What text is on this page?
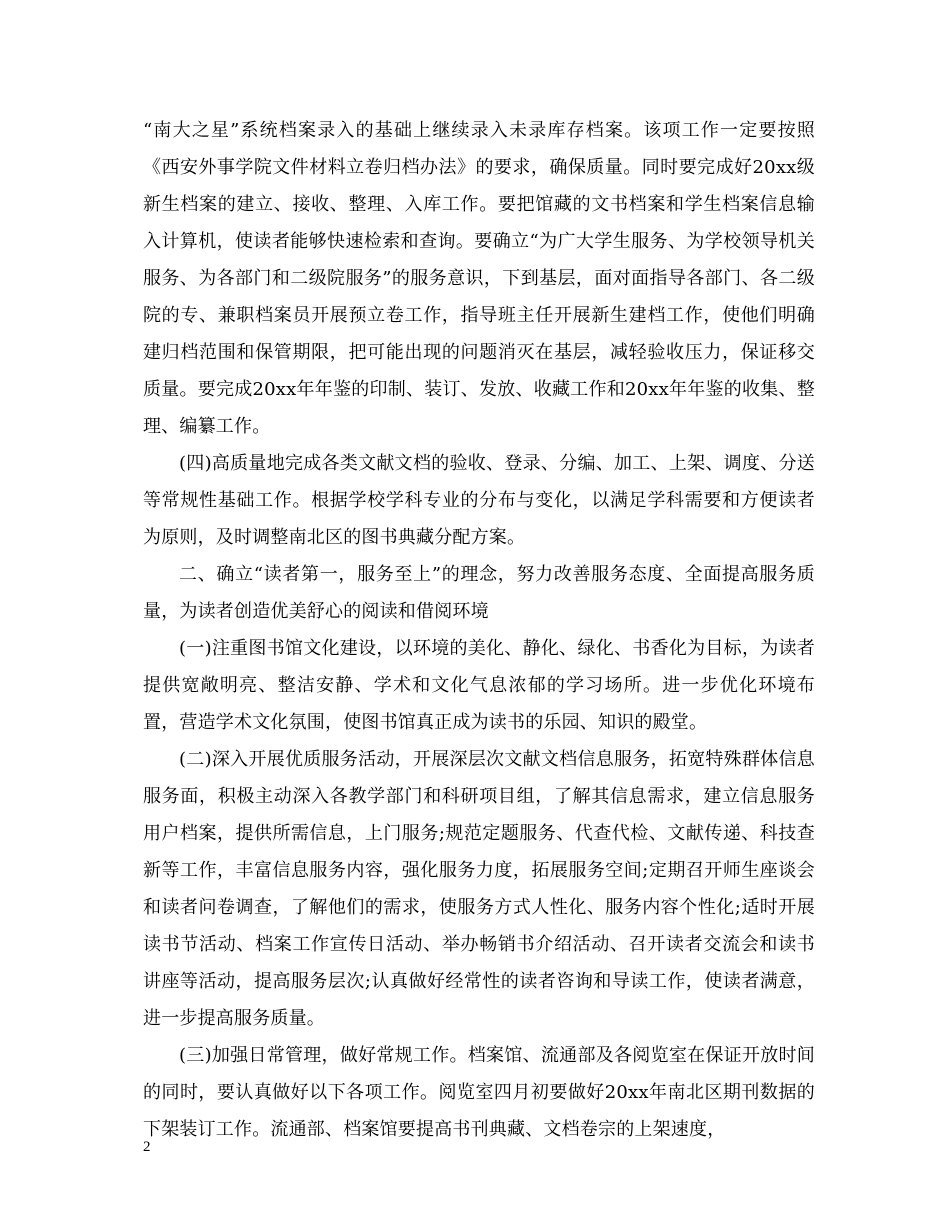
“南大之星”系统档案录入的基础上继续录入未录库存档案。该项工作一定要按照《西安外事学院文件材料立卷归档办法》的要求，确保质量。同时要完成好20xx级新生档案的建立、接收、整理、入库工作。要把馆藏的文书档案和学生档案信息输入计算机，使读者能够快速检索和查询。要确立“为广大学生服务、为学校领导机关服务、为各部门和二级院服务”的服务意识，下到基层，面对面指导各部门、各二级院的专、兼职档案员开展预立卷工作，指导班主任开展新生建档工作，使他们明确建归档范围和保管期限，把可能出现的问题消灭在基层，减轻验收压力，保证移交质量。要完成20xx年年鉴的印制、装订、发放、收藏工作和20xx年年鉴的收集、整理、编纂工作。

(四)高质量地完成各类文献文档的验收、登录、分编、加工、上架、调度、分送等常规性基础工作。根据学校学科专业的分布与变化，以满足学科需要和方便读者为原则，及时调整南北区的图书典藏分配方案。

二、确立“读者第一，服务至上”的理念，努力改善服务态度、全面提高服务质量，为读者创造优美舒心的阅读和借阅环境

(一)注重图书馆文化建设，以环境的美化、静化、绿化、书香化为目标，为读者提供宽敞明亮、整洁安静、学术和文化气息浓郁的学习场所。进一步优化环境布置，营造学术文化氛围，使图书馆真正成为读书的乐园、知识的殿堂。

(二)深入开展优质服务活动，开展深层次文献文档信息服务，拓宽特殊群体信息服务面，积极主动深入各教学部门和科研项目组，了解其信息需求，建立信息服务用户档案，提供所需信息，上门服务;规范定题服务、代查代检、文献传递、科技查新等工作，丰富信息服务内容，强化服务力度，拓展服务空间;定期召开师生座谈会和读者问卷调查，了解他们的需求，使服务方式人性化、服务内容个性化;适时开展读书节活动、档案工作宣传日活动、举办畅销书介绍活动、召开读者交流会和读书讲座等活动，提高服务层次;认真做好经常性的读者咨询和导读工作，使读者满意，进一步提高服务质量。

(三)加强日常管理，做好常规工作。档案馆、流通部及各阅览室在保证开放时间的同时，要认真做好以下各项工作。阅览室四月初要做好20xx年南北区期刊数据的下架装订工作。流通部、档案馆要提高书刊典藏、文档卷宗的上架速度，

2
